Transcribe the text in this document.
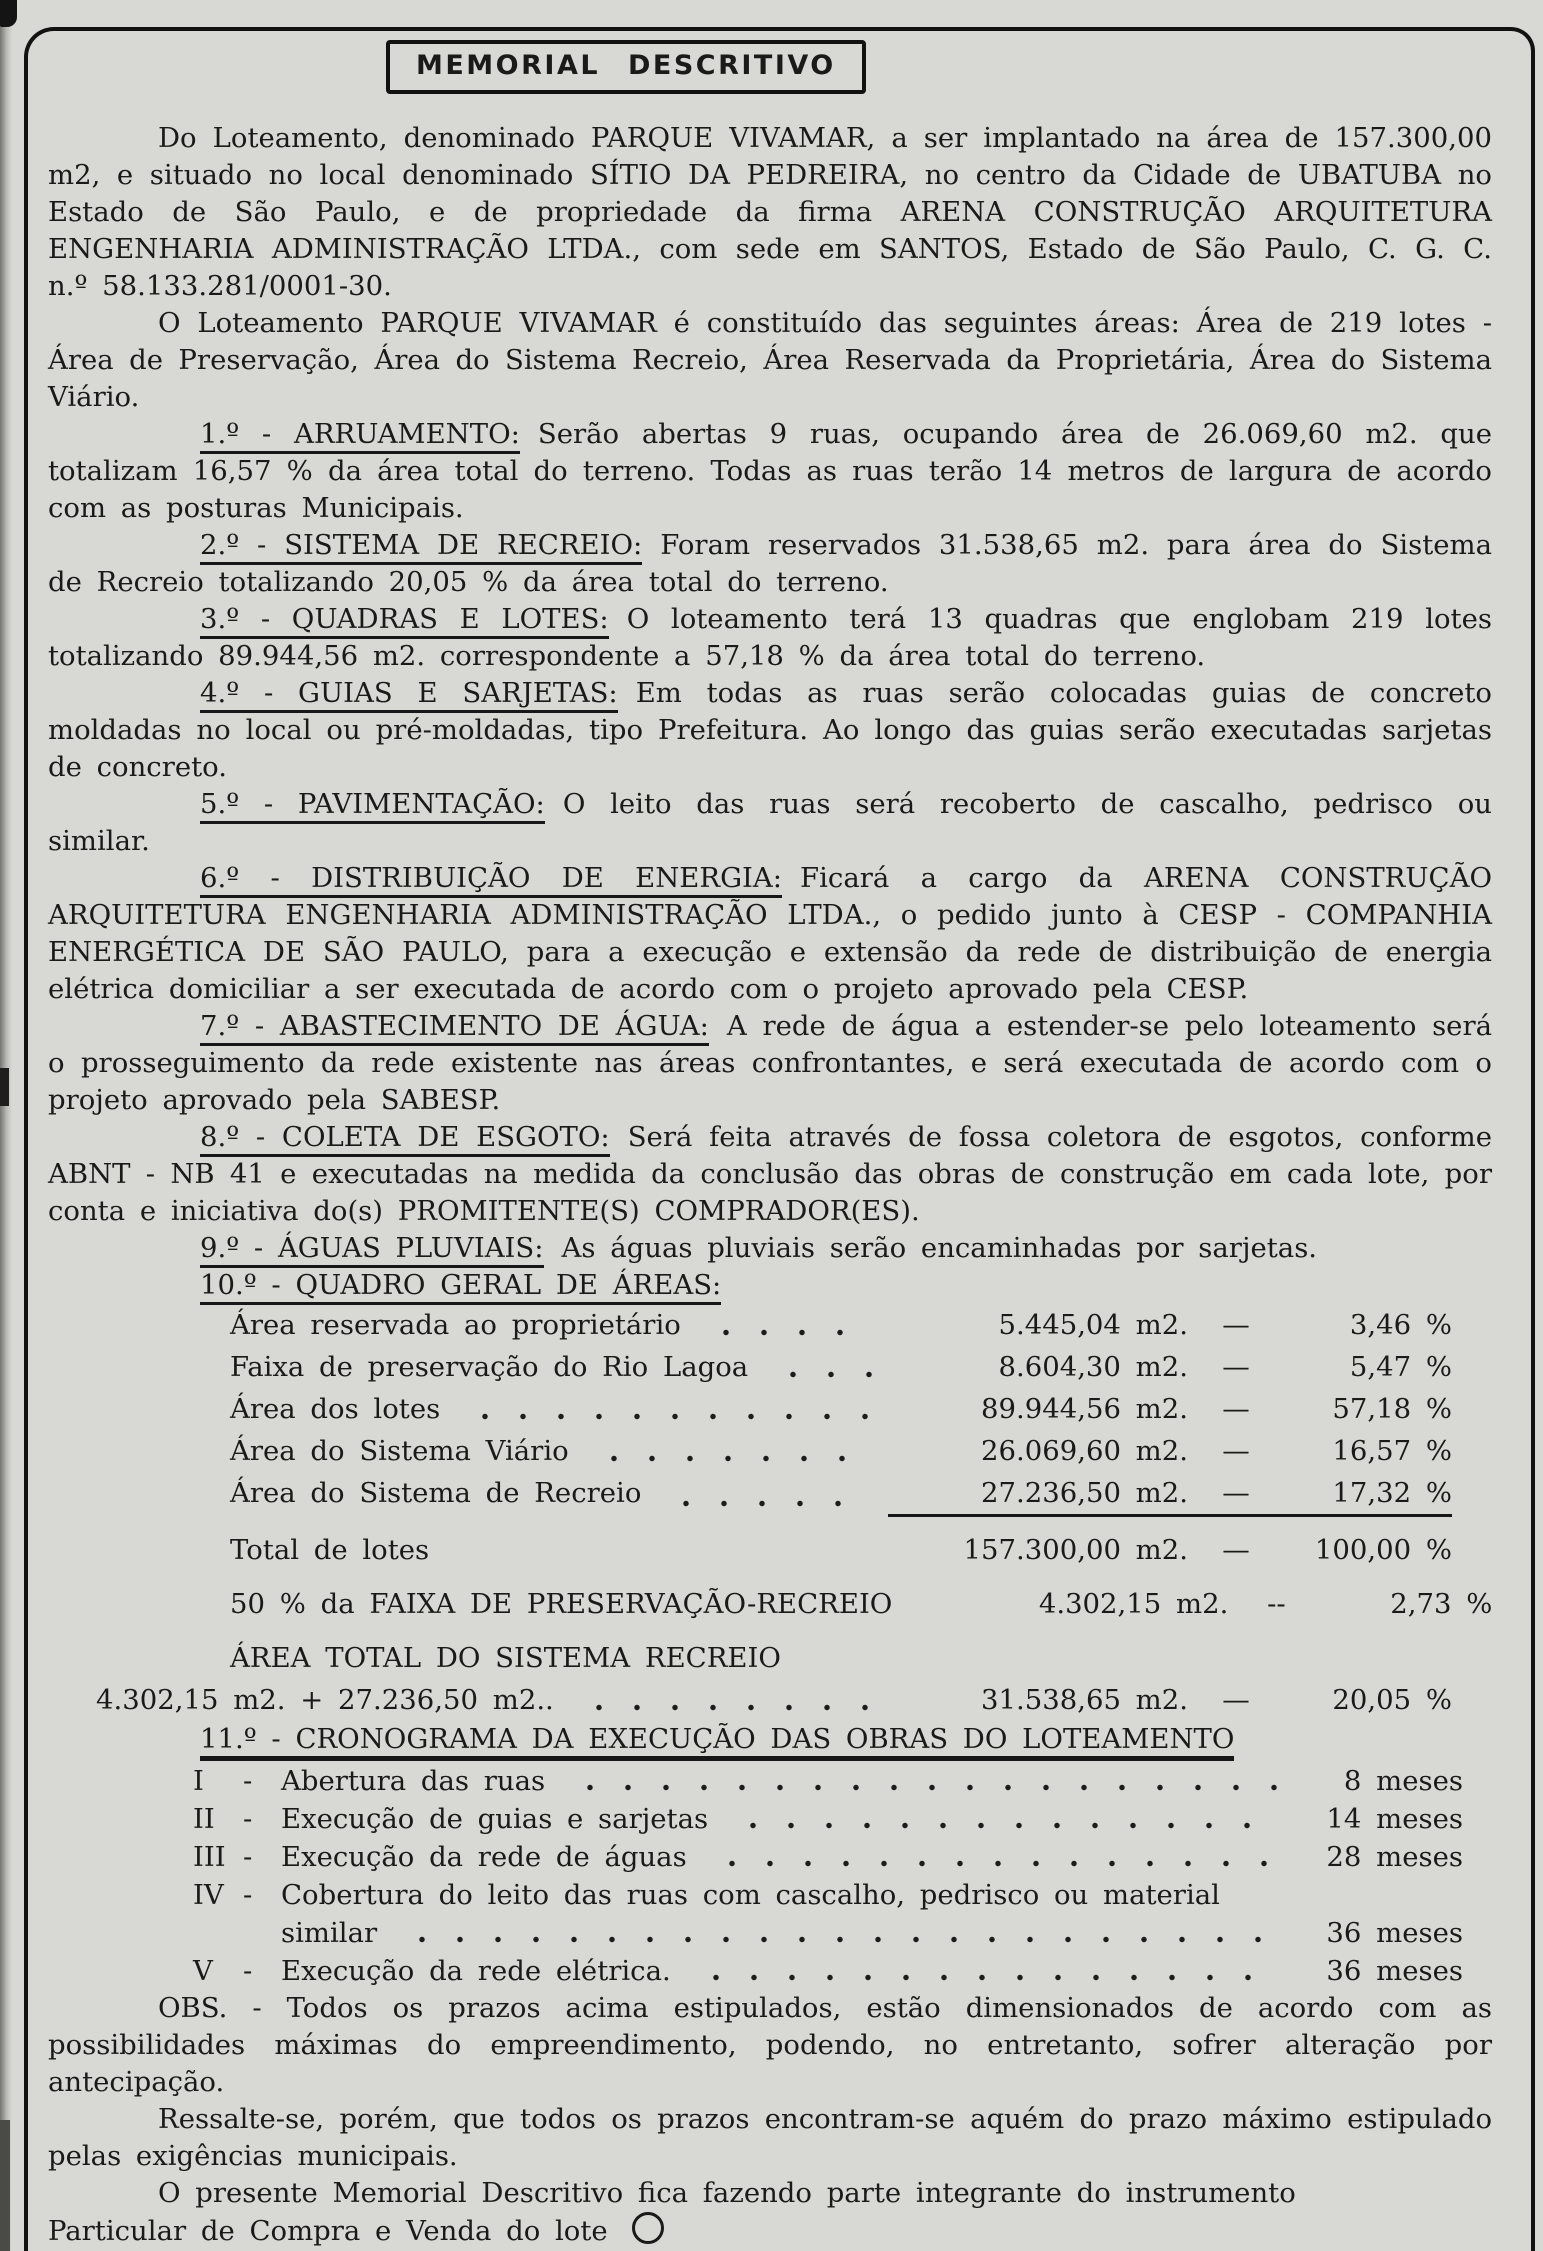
MEMORIAL DESCRITIVO

Do Loteamento, denominado PARQUE VIVAMAR, a ser implantado na área de 157.300,00 m2, e situado no local denominado SÍTIO DA PEDREIRA, no centro da Cidade de UBATUBA no Estado de São Paulo, e de propriedade da firma ARENA CONSTRUÇÃO ARQUITETURA ENGENHARIA ADMINISTRAÇÃO LTDA., com sede em SANTOS, Estado de São Paulo, C. G. C. n.º 58.133.281/0001-30.

O Loteamento PARQUE VIVAMAR é constituído das seguintes áreas: Área de 219 lotes - Área de Preservação, Área do Sistema Recreio, Área Reservada da Proprietária, Área do Sistema Viário.

1.º - ARRUAMENTO: Serão abertas 9 ruas, ocupando área de 26.069,60 m2. que totalizam 16,57 % da área total do terreno. Todas as ruas terão 14 metros de largura de acordo com as posturas Municipais.

2.º - SISTEMA DE RECREIO: Foram reservados 31.538,65 m2. para área do Sistema de Recreio totalizando 20,05 % da área total do terreno.

3.º - QUADRAS E LOTES: O loteamento terá 13 quadras que englobam 219 lotes totalizando 89.944,56 m2. correspondente a 57,18 % da área total do terreno.

4.º - GUIAS E SARJETAS: Em todas as ruas serão colocadas guias de concreto moldadas no local ou pré-moldadas, tipo Prefeitura. Ao longo das guias serão executadas sarjetas de concreto.

5.º - PAVIMENTAÇÃO: O leito das ruas será recoberto de cascalho, pedrisco ou similar.

6.º - DISTRIBUIÇÃO DE ENERGIA: Ficará a cargo da ARENA CONSTRUÇÃO ARQUITETURA ENGENHARIA ADMINISTRAÇÃO LTDA., o pedido junto à CESP - COMPANHIA ENERGÉTICA DE SÃO PAULO, para a execução e extensão da rede de distribuição de energia elétrica domiciliar a ser executada de acordo com o projeto aprovado pela CESP.

7.º - ABASTECIMENTO DE ÁGUA: A rede de água a estender-se pelo loteamento será o prosseguimento da rede existente nas áreas confrontantes, e será executada de acordo com o projeto aprovado pela SABESP.

8.º - COLETA DE ESGOTO: Será feita através de fossa coletora de esgotos, conforme ABNT - NB 41 e executadas na medida da conclusão das obras de construção em cada lote, por conta e iniciativa do(s) PROMITENTE(S) COMPRADOR(ES).

9.º - ÁGUAS PLUVIAIS: As águas pluviais serão encaminhadas por sarjetas.

10.º - QUADRO GERAL DE ÁREAS:

Área reservada ao proprietário	5.445,04 m2.	—	3,46 %
Faixa de preservação do Rio Lagoa	8.604,30 m2.	—	5,47 %
Área dos lotes	89.944,56 m2.	—	57,18 %
Área do Sistema Viário	26.069,60 m2.	—	16,57 %
Área do Sistema de Recreio	27.236,50 m2.	—	17,32 %
Total de lotes	157.300,00 m2.	—	100,00 %
50 % da FAIXA DE PRESERVAÇÃO-RECREIO	4.302,15 m2.	--	2,73 %
ÁREA TOTAL DO SISTEMA RECREIO
4.302,15 m2. + 27.236,50 m2..	31.538,65 m2.	—	20,05 %

11.º - CRONOGRAMA DA EXECUÇÃO DAS OBRAS DO LOTEAMENTO

I	-	Abertura das ruas	8 meses
II	-	Execução de guias e sarjetas	14 meses
III -	Execução da rede de águas	28 meses
IV -	Cobertura do leito das ruas com cascalho, pedrisco ou material
similar	36 meses
V	-	Execução da rede elétrica.	36 meses

OBS. - Todos os prazos acima estipulados, estão dimensionados de acordo com as possibilidades máximas do empreendimento, podendo, no entretanto, sofrer alteração por antecipação.

Ressalte-se, porém, que todos os prazos encontram-se aquém do prazo máximo estipulado pelas exigências municipais.

O presente Memorial Descritivo fica fazendo parte integrante do instrumento

Particular de Compra e Venda do lote
